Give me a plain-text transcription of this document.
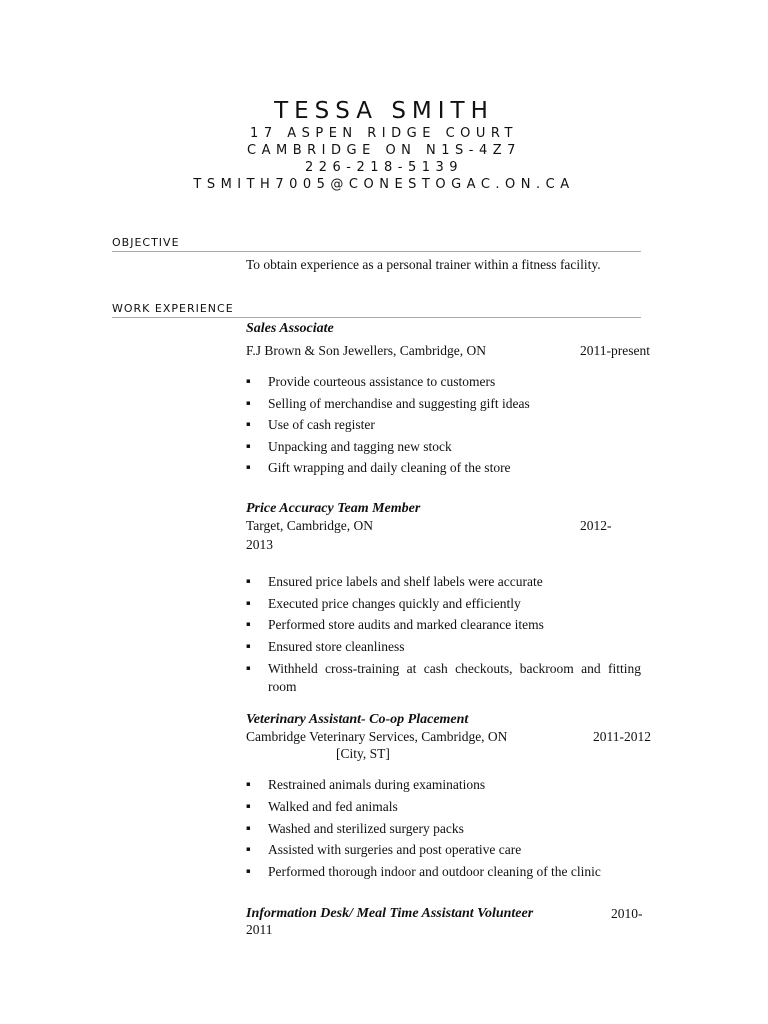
TESSA SMITH
17 ASPEN RIDGE COURT
CAMBRIDGE ON N1S-4Z7
226-218-5139
TSMITH7005@CONESTOGAC.ON.CA
OBJECTIVE
To obtain experience as a personal trainer within a fitness facility.
WORK EXPERIENCE
Sales Associate
F.J Brown & Son Jewellers, Cambridge, ON	2011-present
▪ Provide courteous assistance to customers
▪ Selling of merchandise and suggesting gift ideas
▪ Use of cash register
▪ Unpacking and tagging new stock
▪ Gift wrapping and daily cleaning of the store
Price Accuracy Team Member
Target, Cambridge, ON	2012-
2013
▪ Ensured price labels and shelf labels were accurate
▪ Executed price changes quickly and efficiently
▪ Performed store audits and marked clearance items
▪ Ensured store cleanliness
▪ Withheld cross-training at cash checkouts, backroom and fitting
room
Veterinary Assistant- Co-op Placement
Cambridge Veterinary Services, Cambridge, ON	2011-2012
[City, ST]
▪ Restrained animals during examinations
▪ Walked and fed animals
▪ Washed and sterilized surgery packs
▪ Assisted with surgeries and post operative care
▪ Performed thorough indoor and outdoor cleaning of the clinic
Information Desk/ Meal Time Assistant Volunteer	2010-
2011
